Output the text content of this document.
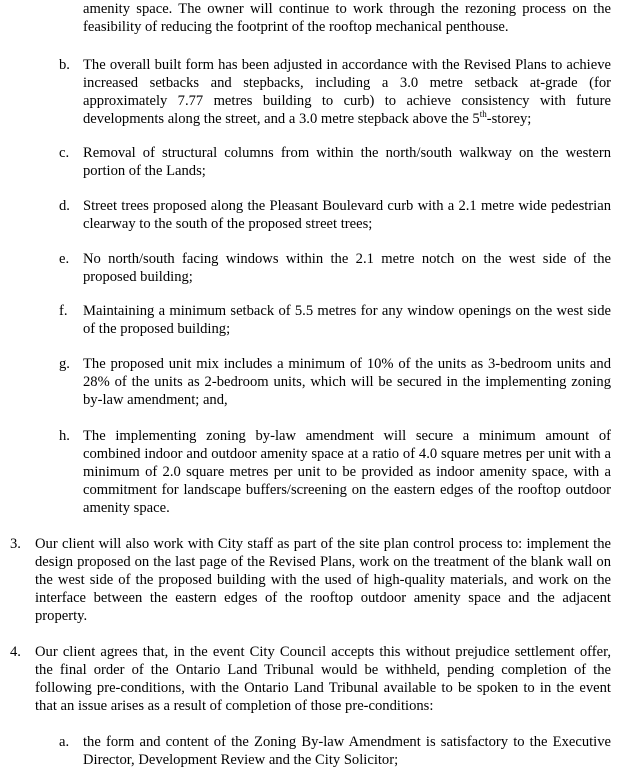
amenity space. The owner will continue to work through the rezoning process on the feasibility of reducing the footprint of the rooftop mechanical penthouse.
b. The overall built form has been adjusted in accordance with the Revised Plans to achieve increased setbacks and stepbacks, including a 3.0 metre setback at-grade (for approximately 7.77 metres building to curb) to achieve consistency with future developments along the street, and a 3.0 metre stepback above the 5th-storey;
c. Removal of structural columns from within the north/south walkway on the western portion of the Lands;
d. Street trees proposed along the Pleasant Boulevard curb with a 2.1 metre wide pedestrian clearway to the south of the proposed street trees;
e. No north/south facing windows within the 2.1 metre notch on the west side of the proposed building;
f. Maintaining a minimum setback of 5.5 metres for any window openings on the west side of the proposed building;
g. The proposed unit mix includes a minimum of 10% of the units as 3-bedroom units and 28% of the units as 2-bedroom units, which will be secured in the implementing zoning by-law amendment; and,
h. The implementing zoning by-law amendment will secure a minimum amount of combined indoor and outdoor amenity space at a ratio of 4.0 square metres per unit with a minimum of 2.0 square metres per unit to be provided as indoor amenity space, with a commitment for landscape buffers/screening on the eastern edges of the rooftop outdoor amenity space.
3. Our client will also work with City staff as part of the site plan control process to: implement the design proposed on the last page of the Revised Plans, work on the treatment of the blank wall on the west side of the proposed building with the used of high-quality materials, and work on the interface between the eastern edges of the rooftop outdoor amenity space and the adjacent property.
4. Our client agrees that, in the event City Council accepts this without prejudice settlement offer, the final order of the Ontario Land Tribunal would be withheld, pending completion of the following pre-conditions, with the Ontario Land Tribunal available to be spoken to in the event that an issue arises as a result of completion of those pre-conditions:
a. the form and content of the Zoning By-law Amendment is satisfactory to the Executive Director, Development Review and the City Solicitor;
